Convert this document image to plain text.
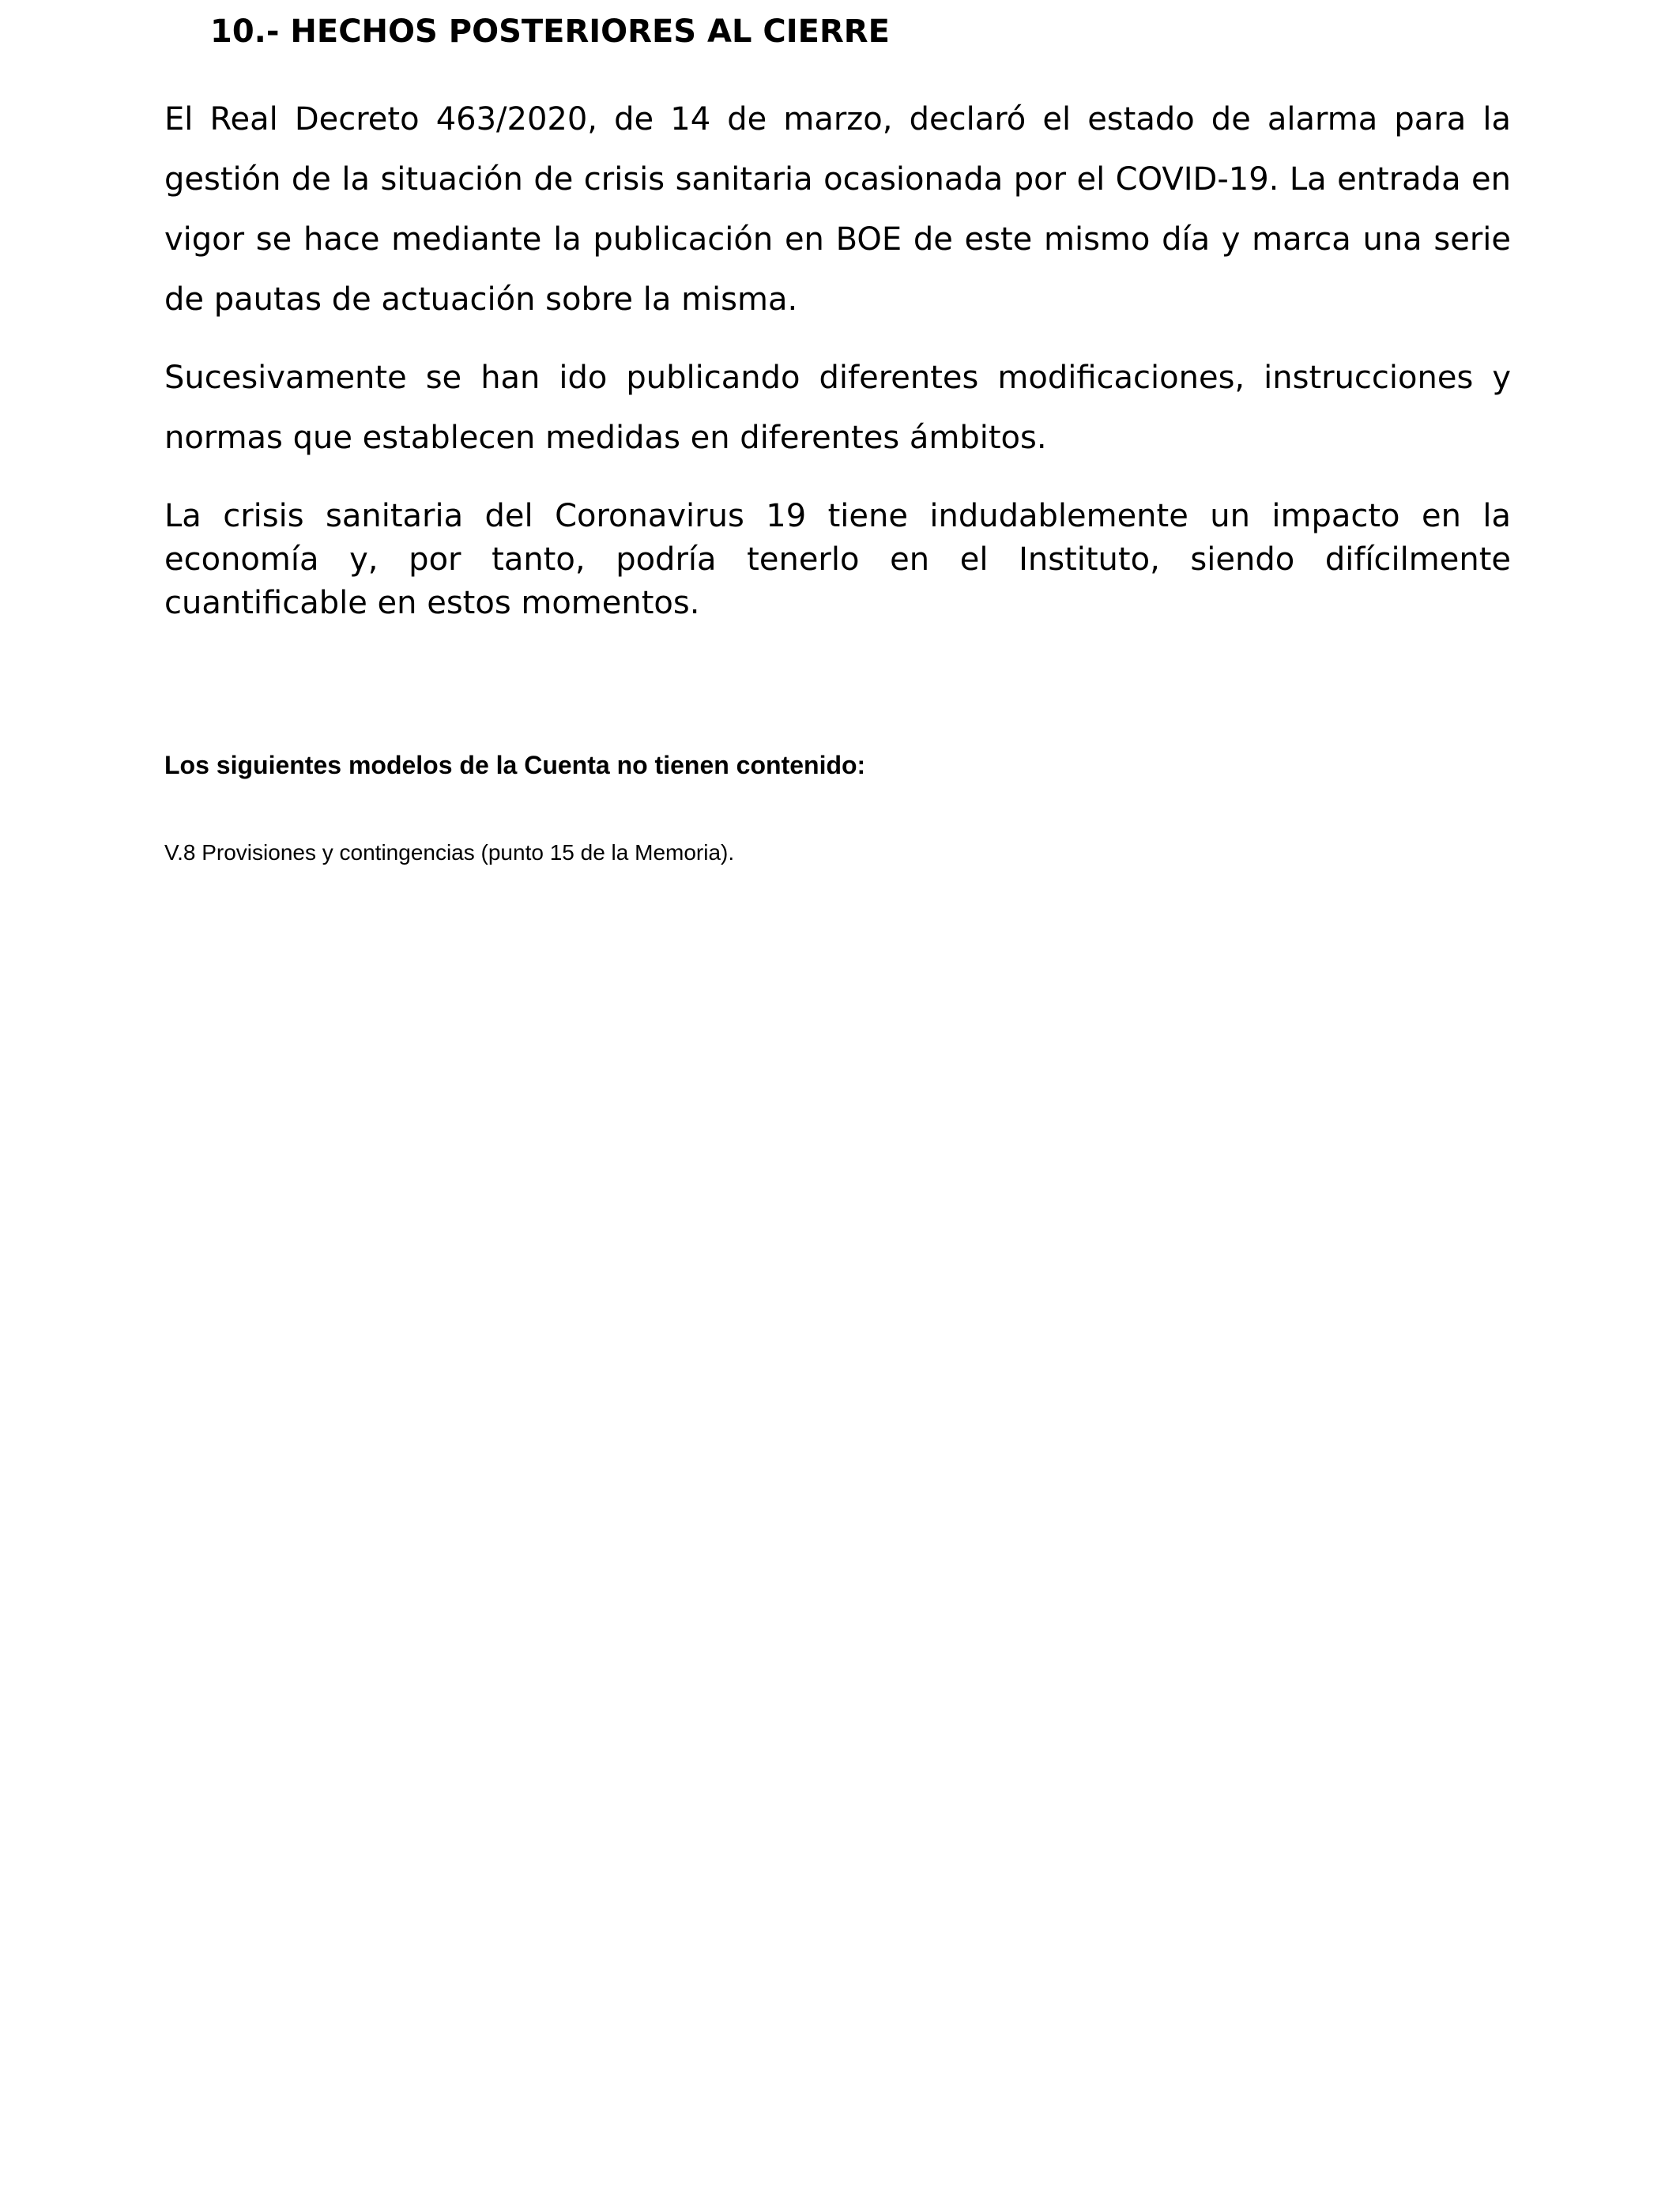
10.- HECHOS POSTERIORES AL CIERRE

El Real Decreto 463/2020, de 14 de marzo, declaró el estado de alarma para la gestión de la situación de crisis sanitaria ocasionada por el COVID-19. La entrada en vigor se hace mediante la publicación en BOE de este mismo día y marca una serie de pautas de actuación sobre la misma.

Sucesivamente se han ido publicando diferentes modificaciones, instrucciones y normas que establecen medidas en diferentes ámbitos.

La crisis sanitaria del Coronavirus 19 tiene indudablemente un impacto en la economía y, por tanto, podría tenerlo en el Instituto, siendo difícilmente cuantificable en estos momentos.

Los siguientes modelos de la Cuenta no tienen contenido:

V.8 Provisiones y contingencias (punto 15 de la Memoria).
